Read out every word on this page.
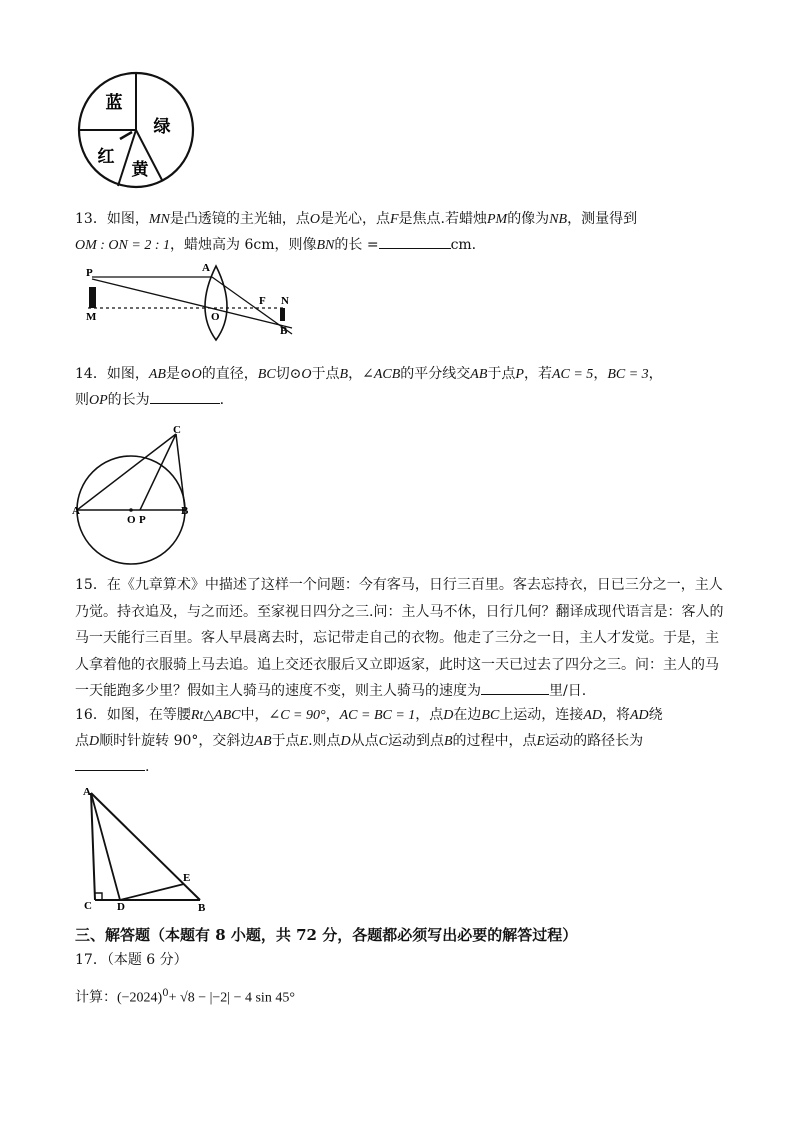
蓝
绿
红
黄
13．如图，MN是凸透镜的主光轴，点O是光心，点F是焦点.若蜡烛PM的像为NB，测量得到
OM : ON = 2 : 1，蜡烛高为 6cm，则像BN的长 =	cm.
P	A
F N
M	O
B
14．如图，AB是⊙O的直径，BC切⊙O于点B，∠ACB的平分线交AB于点P，若AC = 5，BC = 3，
则OP的长为	.
C
A
O P
B
15．在《九章算术》中描述了这样一个问题：今有客马，日行三百里。客去忘持衣，日已三分之一，主人
乃觉。持衣追及，与之而还。至家视日四分之三.问：主人马不休，日行几何？翻译成现代语言是：客人的
马一天能行三百里。客人早晨离去时，忘记带走自己的衣物。他走了三分之一日，主人才发觉。于是，主
人拿着他的衣服骑上马去追。追上交还衣服后又立即返家，此时这一天已过去了四分之三。问：主人的马
一天能跑多少里？假如主人骑马的速度不变，则主人骑马的速度为	里/日.
16．如图，在等腰Rt△ABC中，∠C = 90°，AC = BC = 1，点D在边BC上运动，连接AD，将AD绕
点D顺时针旋转 90°，交斜边AB于点E.则点D从点C运动到点B的过程中，点E运动的路径长为
.
A
E
C D	B
三、解答题（本题有 8 小题，共 72 分，各题都必须写出必要的解答过程）
17．（本题 6 分）
计算：$(-2024)^0+ √8 - |-2| - 4$ sin 45°
